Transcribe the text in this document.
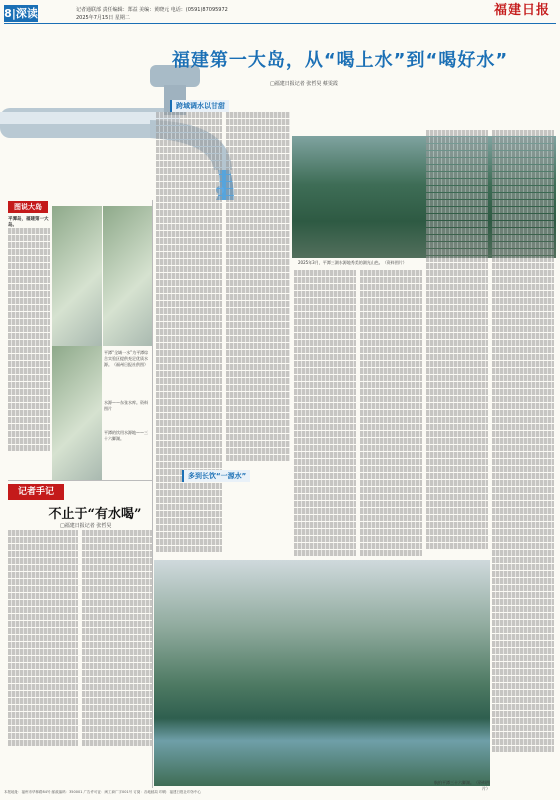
8|深读	记者通联部 责任编辑：郑益 美编：黄晓元 电话：(0591)87095972
2025年7月15日 星期二	福建日报
福建第一大岛，从“喝上水”到“喝好水”
□福建日报记者 张哲昊 蔡雯霞
平潭“全域一水”为平潭综合实验区提供充足优质水源。（福州日报社供图）
水源——东张水库。资料图片
平潭的饮用水源地——三十六脚湖。
图说大岛
平潭岛，福建第一大岛。
记者手记
不止于“有水喝”
□福建日报记者 张哲昊
跨域调水以甘甜
多到长饮“一源水”
2025年3月，平潭三湖水源地秀美的湖光山色。（资料图片）
航拍平潭三十六脚湖。（资料图片）
本报地址：福州市华林路84号 邮政编码：350001 广告许可证：闽工商广字001号 订阅：各地邮局 印刷：福建日报社印务中心
